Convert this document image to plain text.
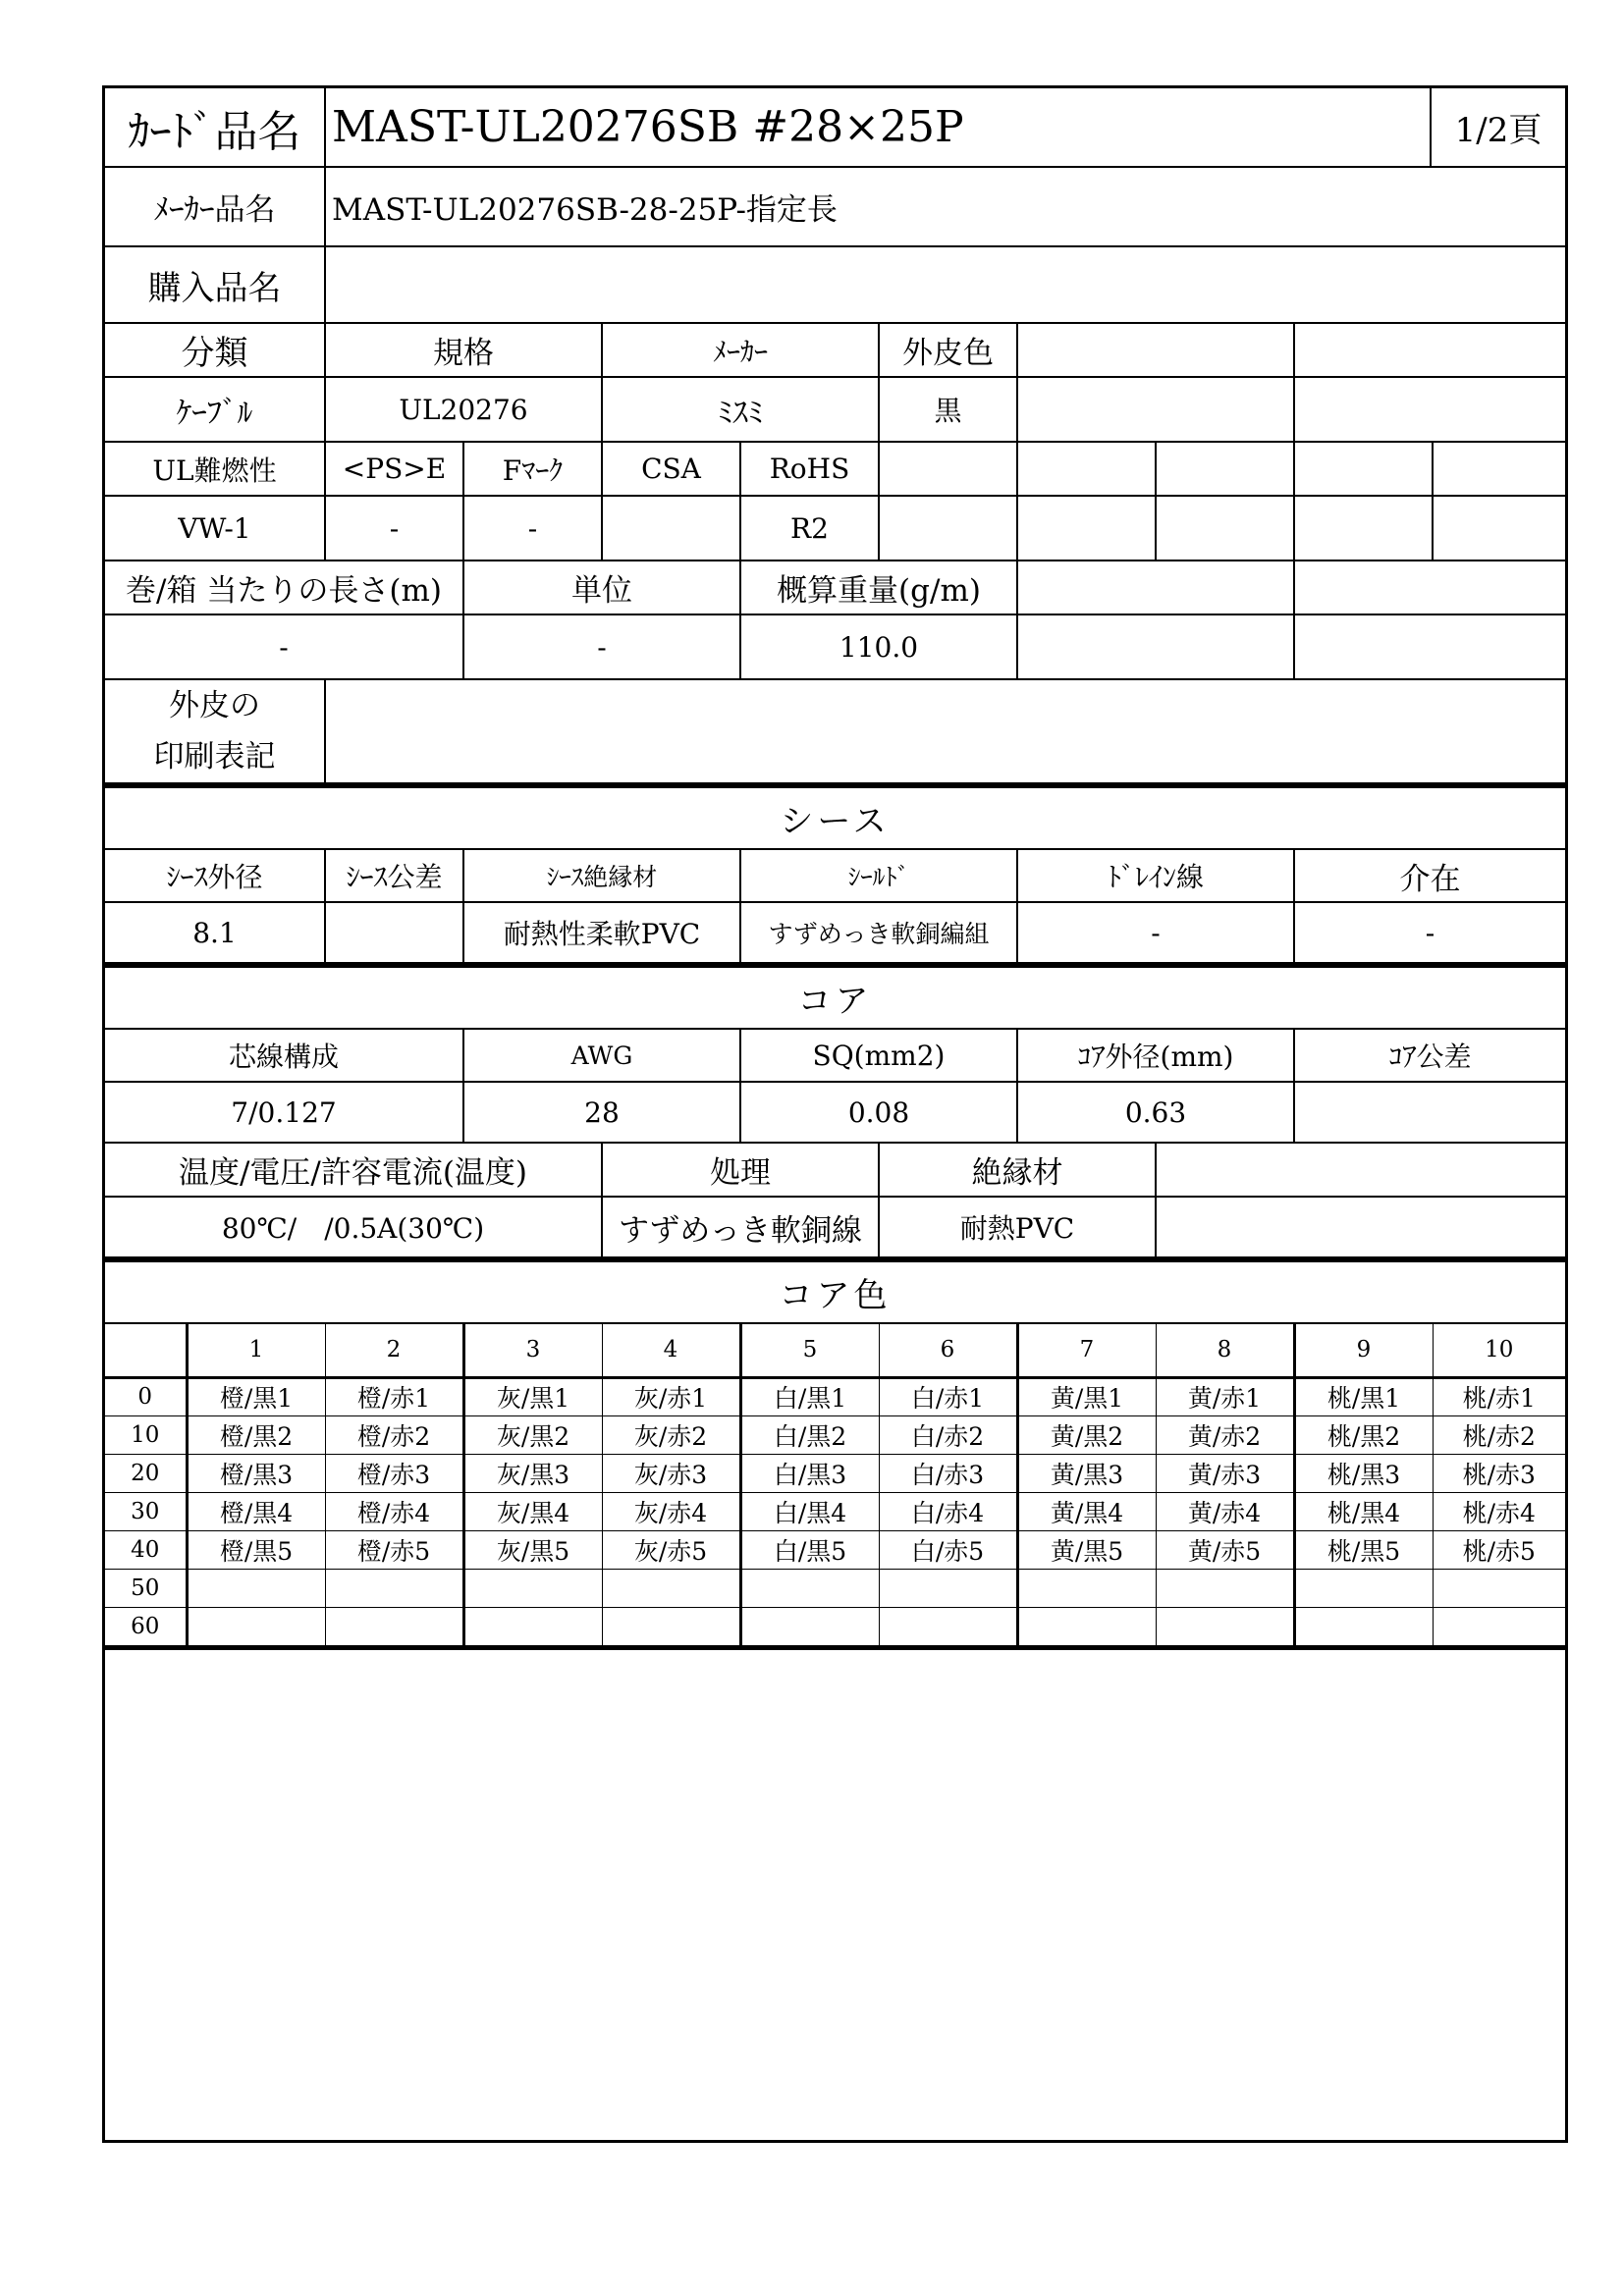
ｶｰﾄﾞ品名	MAST-UL20276SB #28×25P	1/2頁
ﾒｰｶｰ品名	MAST-UL20276SB-28-25P-指定長
購入品名	
分類	規格	ﾒｰｶｰ	外皮色		
ｹｰﾌﾞﾙ	UL20276	ﾐｽﾐ	黒		
UL難燃性	<PS>E	Fﾏｰｸ	CSA	RoHS					
VW-1	-	-		R2					
巻/箱 当たりの長さ(m)	単位	概算重量(g/m)		
-	-	110.0		
外皮の
印刷表記

シース					
ｼｰｽ外径	ｼｰｽ公差	ｼｰｽ絶縁材	ｼｰﾙﾄﾞ	ﾄﾞﾚｲﾝ線	介在
8.1		耐熱性柔軟PVC	すずめっき軟銅編組	-	-
コア				
芯線構成	AWG	SQ(mm2)	ｺｱ外径(mm)	ｺｱ公差
7/0.127	28	0.08	0.63	
温度/電圧/許容電流(温度)	処理	絶縁材	
80℃/　/0.5A(30℃)	すずめっき軟銅線	耐熱PVC	
コア色
	1	2	3	4	5	6	7	8	9	10
0	橙/黒1	橙/赤1	灰/黒1	灰/赤1	白/黒1	白/赤1	黄/黒1	黄/赤1	桃/黒1	桃/赤1
10	橙/黒2	橙/赤2	灰/黒2	灰/赤2	白/黒2	白/赤2	黄/黒2	黄/赤2	桃/黒2	桃/赤2
20	橙/黒3	橙/赤3	灰/黒3	灰/赤3	白/黒3	白/赤3	黄/黒3	黄/赤3	桃/黒3	桃/赤3
30	橙/黒4	橙/赤4	灰/黒4	灰/赤4	白/黒4	白/赤4	黄/黒4	黄/赤4	桃/黒4	桃/赤4
40	橙/黒5	橙/赤5	灰/黒5	灰/赤5	白/黒5	白/赤5	黄/黒5	黄/赤5	桃/黒5	桃/赤5
50										
60										
